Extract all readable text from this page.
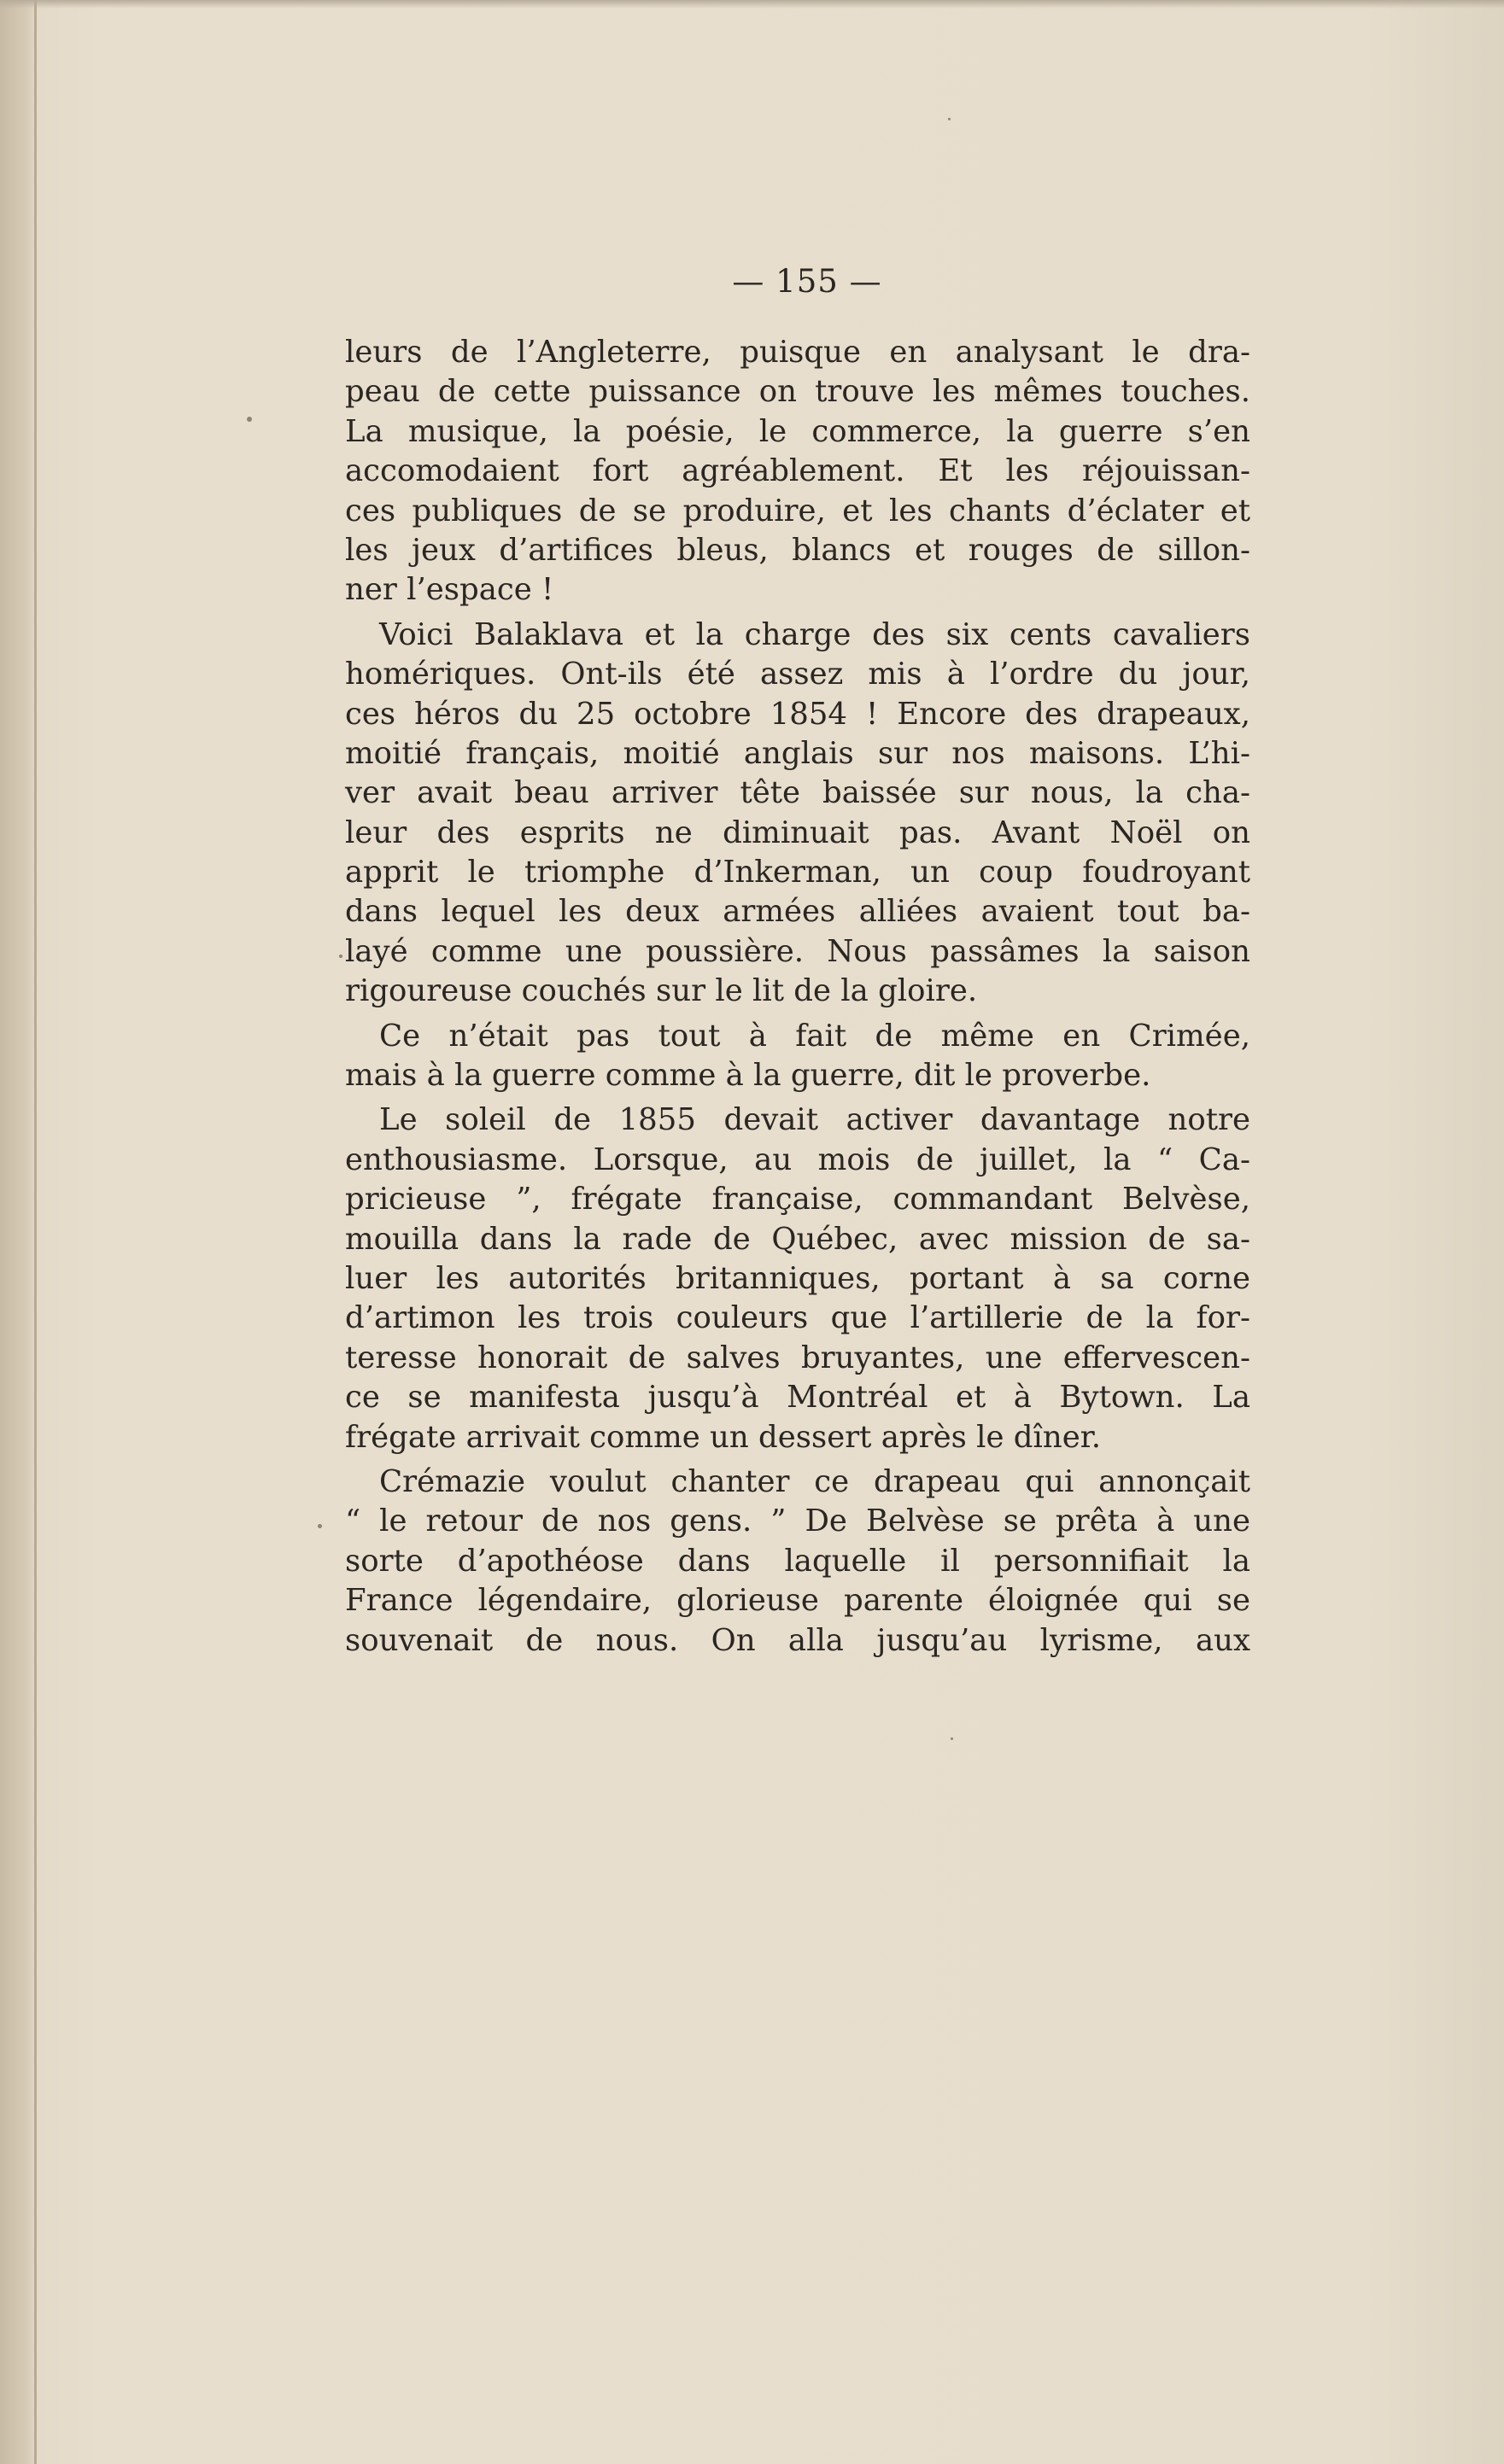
— 155 —
leurs de l’Angleterre, puisque en analysant le dra-
peau de cette puissance on trouve les mêmes touches.
La musique, la poésie, le commerce, la guerre s’en
accomodaient fort agréablement. Et les réjouissan-
ces publiques de se produire, et les chants d’éclater et
les jeux d’artifices bleus, blancs et rouges de sillon-
ner l’espace !
Voici Balaklava et la charge des six cents cavaliers
homériques. Ont-ils été assez mis à l’ordre du jour,
ces héros du 25 octobre 1854 ! Encore des drapeaux,
moitié français, moitié anglais sur nos maisons. L’hi-
ver avait beau arriver tête baissée sur nous, la cha-
leur des esprits ne diminuait pas. Avant Noël on
apprit le triomphe d’Inkerman, un coup foudroyant
dans lequel les deux armées alliées avaient tout ba-
layé comme une poussière. Nous passâmes la saison
rigoureuse couchés sur le lit de la gloire.
Ce n’était pas tout à fait de même en Crimée,
mais à la guerre comme à la guerre, dit le proverbe.
Le soleil de 1855 devait activer davantage notre
enthousiasme. Lorsque, au mois de juillet, la “ Ca-
pricieuse ”, frégate française, commandant Belvèse,
mouilla dans la rade de Québec, avec mission de sa-
luer les autorités britanniques, portant à sa corne
d’artimon les trois couleurs que l’artillerie de la for-
teresse honorait de salves bruyantes, une effervescen-
ce se manifesta jusqu’à Montréal et à Bytown. La
frégate arrivait comme un dessert après le dîner.
Crémazie voulut chanter ce drapeau qui annonçait
“ le retour de nos gens. ” De Belvèse se prêta à une
sorte d’apothéose dans laquelle il personnifiait la
France légendaire, glorieuse parente éloignée qui se
souvenait de nous. On alla jusqu’au lyrisme, aux
